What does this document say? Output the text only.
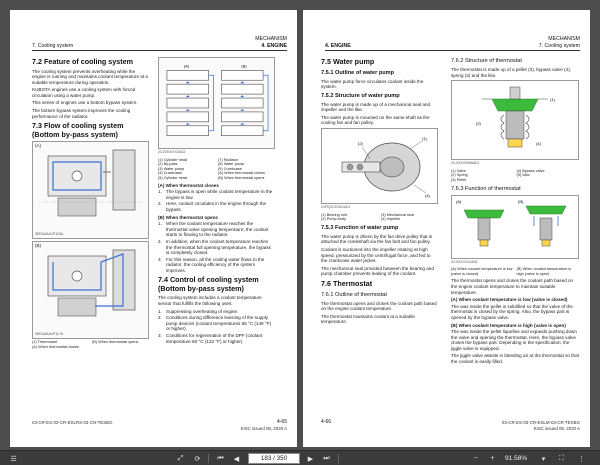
MECHANISM
7. Cooling system	4. ENGINE
7.2 Feature of cooling system

The cooling system prevents overheating while the engine is running and maintains coolant temperature at a suitable temperature during operation.

KUBOTA engines use a cooling system with forced circulation using a water pump.

This series of engines use a bottom bypass system.

The bottom bypass system improves the cooling performance of the radiator.

7.3 Flow of cooling system (Bottom by-pass system)
(A)
3EEAAAA1P115A
(B)
3EEAAAA1P11?A
(1) Thermostat	(B) When thermostat opens
(A) When thermostat closes
(A)	(B)
2CJGNXXX2A02
(1) Cylinder head	(7) Radiator
(2) By-pass	(8) Water pump
(3) Water pump	(9) Crankcase
(4) Crankcase	(A) When thermostat closes
(5) Cylinder head	(B) When thermostat opens
(A) When thermostat closes
1. The bypass is open while coolant temperature in the engine is low.
2. Here, coolant circulates in the engine through the bypass.
(B) When thermostat opens
1. When the coolant temperature reaches the thermostat valve opening temperature, the coolant starts to flowing to the radiator.
2. In addition, when the coolant temperature reaches the thermostat full opening temperature, the bypass is completely closed.
3. For this reason, all the cooling water flows to the radiator, the cooling efficiency of the system improves.
7.4 Control of cooling system (Bottom by-pass system)

The cooling system includes a coolant temperature sensor that fulfills the following uses:

1. Suppressing overheating of engine.
2. Conditions during difference learning of the supply pump devices (coolant temperatures 65 °C (149 °F) or higher).
3. Conditions for regeneration of the DPF (coolant temperature 50 °C (122 °F) or higher).
4-65
03-CR-ES-03-CR-ESLRS-03-CN-TESBG
KISC issued 08, 2020 A
MECHANISM
4. ENGINE	7. Cooling system
7.5 Water pump
7.5.1 Outline of water pump

The water pump force circulates coolant inside the system.

7.5.2 Structure of water pump

The water pump is made up of a mechanical seal and impeller and the like.

The water pump is mounted on the same shaft as the cooling fan and fan pulley.

(1)
(2)
(4)
2VRQCOOM1A01
(1) Bearing unit	(3) Mechanical seal
(2) Pump body	(4) Impeller
7.5.3 Function of water pump

The water pump is driven by the fan drive pulley that is attached the crankshaft via the fan belt and fan pulley.

Coolant is suctioned into the impeller rotating at high speed, pressurized by the centrifugal force, and fed to the crankcase water jacket.

The mechanical seal provided between the bearing and pump chamber prevents leaking of the coolant.

7.6 Thermostat
7.6.1 Outline of thermostat

The thermostat opens and closes the coolant path based on the engine coolant temperature.

The thermostat maintains coolant at a suitable temperature.

7.6.2 Structure of thermostat

The thermostat is made up of a pellet (3), bypass valve (4), spring (2) and the like.

(1)
(2)
(4)
2CJGXX0066A01
(1) Valve	(4) Bypass valve
(2) Spring	(5) Wax
(3) Pellet
7.6.3 Function of thermostat
(A)	(B)
2CJGXXX10A01
(A) When coolant temperature is low (valve is closed)
(B) When coolant temperature is high (valve is open)

The thermostat opens and closes the coolant path based on the engine coolant temperature to maintain suitable temperature.

(A) When coolant temperature is low (valve is closed)

The wax inside the pellet is solidified so that the valve of the thermostat is closed by the spring. Also, the bypass part is opened by the bypass valve.

(B) When coolant temperature is high (valve is open)

The wax inside the pellet liquefies and expands pushing down the valve and opening the thermostat. Here, the bypass valve closes the bypass part. Depending in the specification, the jiggle valve is equipped.

The jiggle valve assists in bleeding air at the thermostat so that the coolant is easily filled.

4-66	03-CR-ES-03-CR-ESLM-03-CR-TESBG
KISC issued 08, 2020 A
☰	⤢	⟳	⏮	◀	183 / 350	▶	⏭	−	+	91.58%	▾	⛶	⋮
